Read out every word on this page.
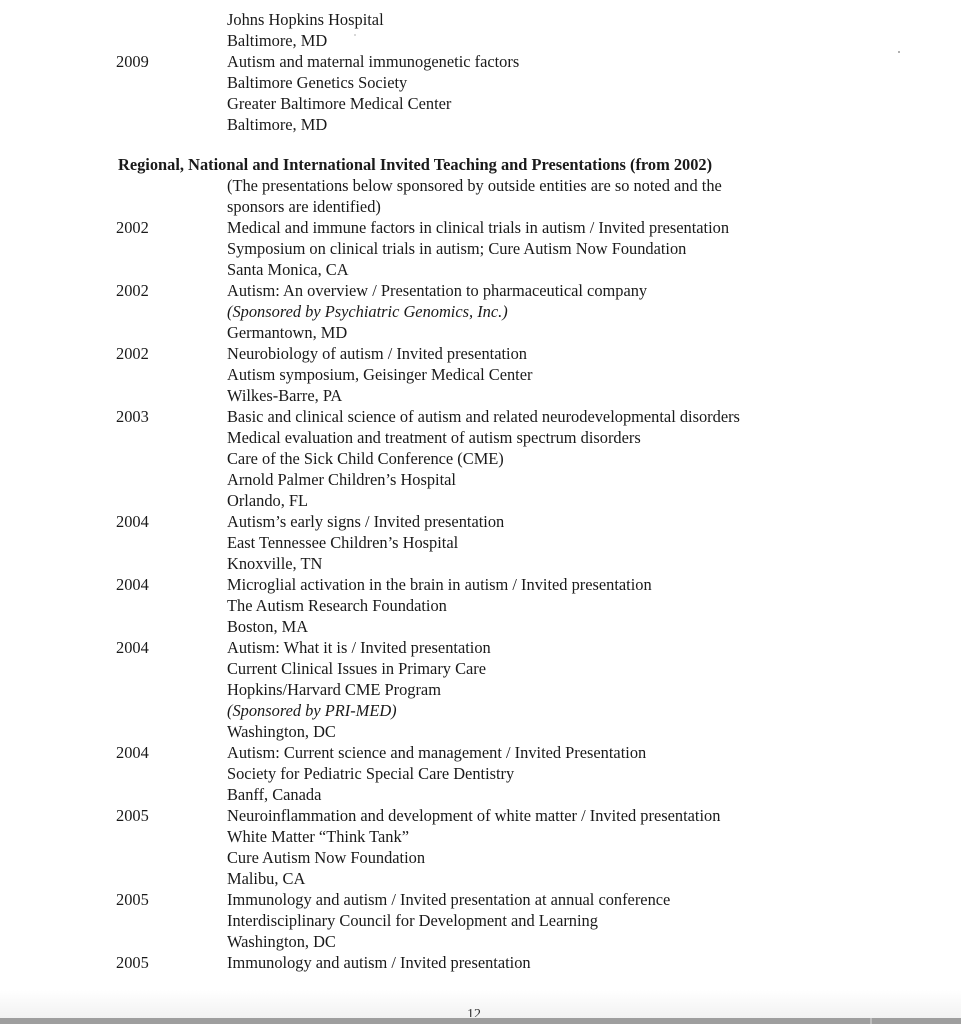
Johns Hopkins Hospital
Baltimore, MD
2009	Autism and maternal immunogenetic factors
Baltimore Genetics Society
Greater Baltimore Medical Center
Baltimore, MD
Regional, National and International Invited Teaching and Presentations (from 2002)
(The presentations below sponsored by outside entities are so noted and the
sponsors are identified)
2002	Medical and immune factors in clinical trials in autism / Invited presentation
Symposium on clinical trials in autism; Cure Autism Now Foundation
Santa Monica, CA
2002	Autism: An overview / Presentation to pharmaceutical company
(Sponsored by Psychiatric Genomics, Inc.)
Germantown, MD
2002	Neurobiology of autism / Invited presentation
Autism symposium, Geisinger Medical Center
Wilkes-Barre, PA
2003	Basic and clinical science of autism and related neurodevelopmental disorders
Medical evaluation and treatment of autism spectrum disorders
Care of the Sick Child Conference (CME)
Arnold Palmer Children’s Hospital
Orlando, FL
2004	Autism’s early signs / Invited presentation
East Tennessee Children’s Hospital
Knoxville, TN
2004	Microglial activation in the brain in autism / Invited presentation
The Autism Research Foundation
Boston, MA
2004	Autism: What it is / Invited presentation
Current Clinical Issues in Primary Care
Hopkins/Harvard CME Program
(Sponsored by PRI-MED)
Washington, DC
2004	Autism: Current science and management / Invited Presentation
Society for Pediatric Special Care Dentistry
Banff, Canada
2005	Neuroinflammation and development of white matter / Invited presentation
White Matter “Think Tank”
Cure Autism Now Foundation
Malibu, CA
2005	Immunology and autism / Invited presentation at annual conference
Interdisciplinary Council for Development and Learning
Washington, DC
2005	Immunology and autism / Invited presentation
12
